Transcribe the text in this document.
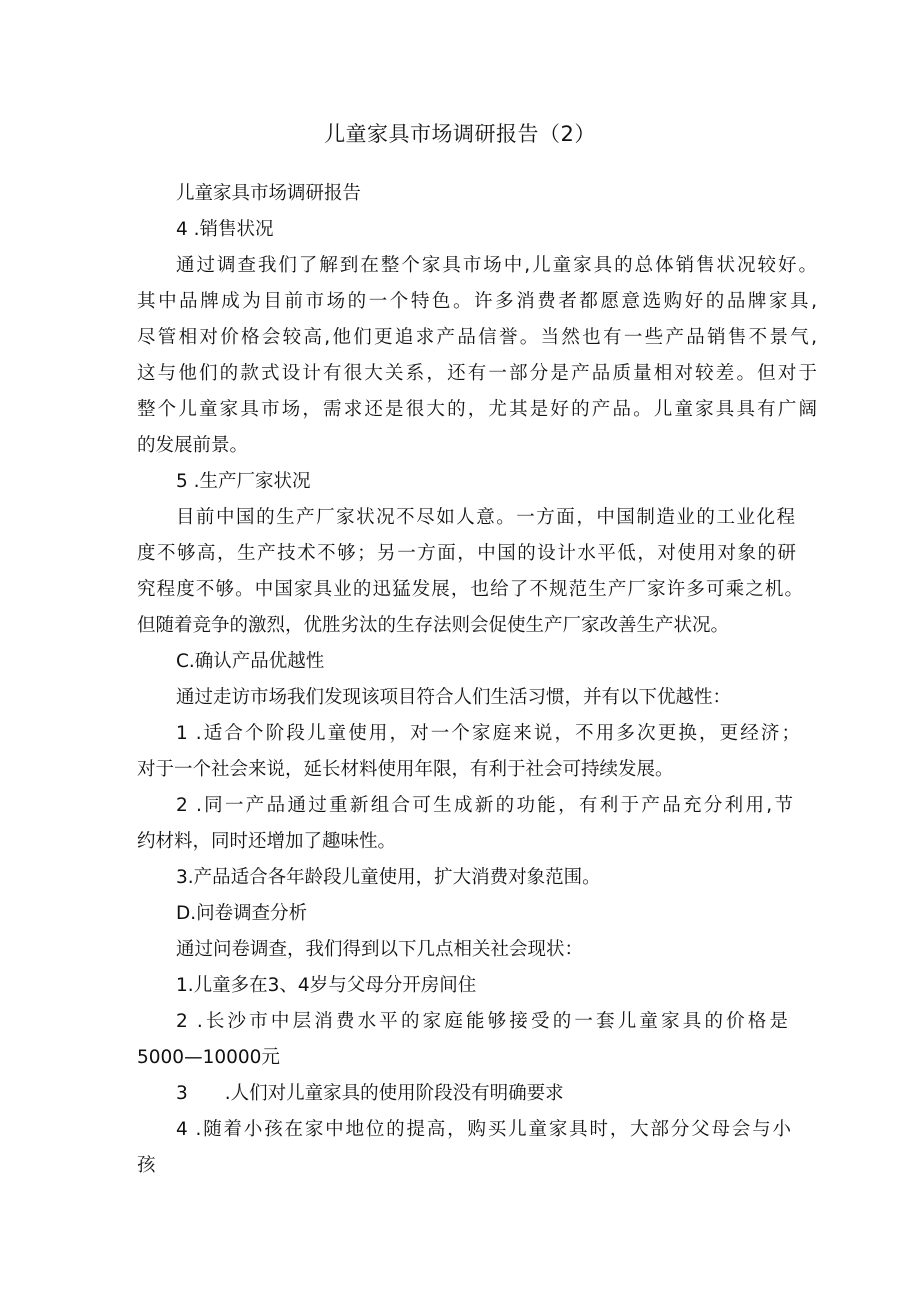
儿童家具市场调研报告（2）
儿童家具市场调研报告
4 .销售状况
通过调查我们了解到在整个家具市场中,儿童家具的总体销售状况较好。
其中品牌成为目前市场的一个特色。许多消费者都愿意选购好的品牌家具,
尽管相对价格会较高,他们更追求产品信誉。当然也有一些产品销售不景气,
这与他们的款式设计有很大关系，还有一部分是产品质量相对较差。但对于
整个儿童家具市场，需求还是很大的，尤其是好的产品。儿童家具具有广阔
的发展前景。
5 .生产厂家状况
目前中国的生产厂家状况不尽如人意。一方面，中国制造业的工业化程
度不够高，生产技术不够；另一方面，中国的设计水平低，对使用对象的研
究程度不够。中国家具业的迅猛发展，也给了不规范生产厂家许多可乘之机。
但随着竞争的激烈，优胜劣汰的生存法则会促使生产厂家改善生产状况。
C.确认产品优越性
通过走访市场我们发现该项目符合人们生活习惯，并有以下优越性：
1 .适合个阶段儿童使用，对一个家庭来说，不用多次更换，更经济；
对于一个社会来说，延长材料使用年限，有利于社会可持续发展。
2 .同一产品通过重新组合可生成新的功能，有利于产品充分利用,节
约材料，同时还增加了趣味性。
3.产品适合各年龄段儿童使用，扩大消费对象范围。
D.问卷调查分析
通过问卷调查，我们得到以下几点相关社会现状：
1.儿童多在3、4岁与父母分开房间住
2 .长沙市中层消费水平的家庭能够接受的一套儿童家具的价格是
5000—10000元
3　　.人们对儿童家具的使用阶段没有明确要求
4 .随着小孩在家中地位的提高，购买儿童家具时，大部分父母会与小
孩
